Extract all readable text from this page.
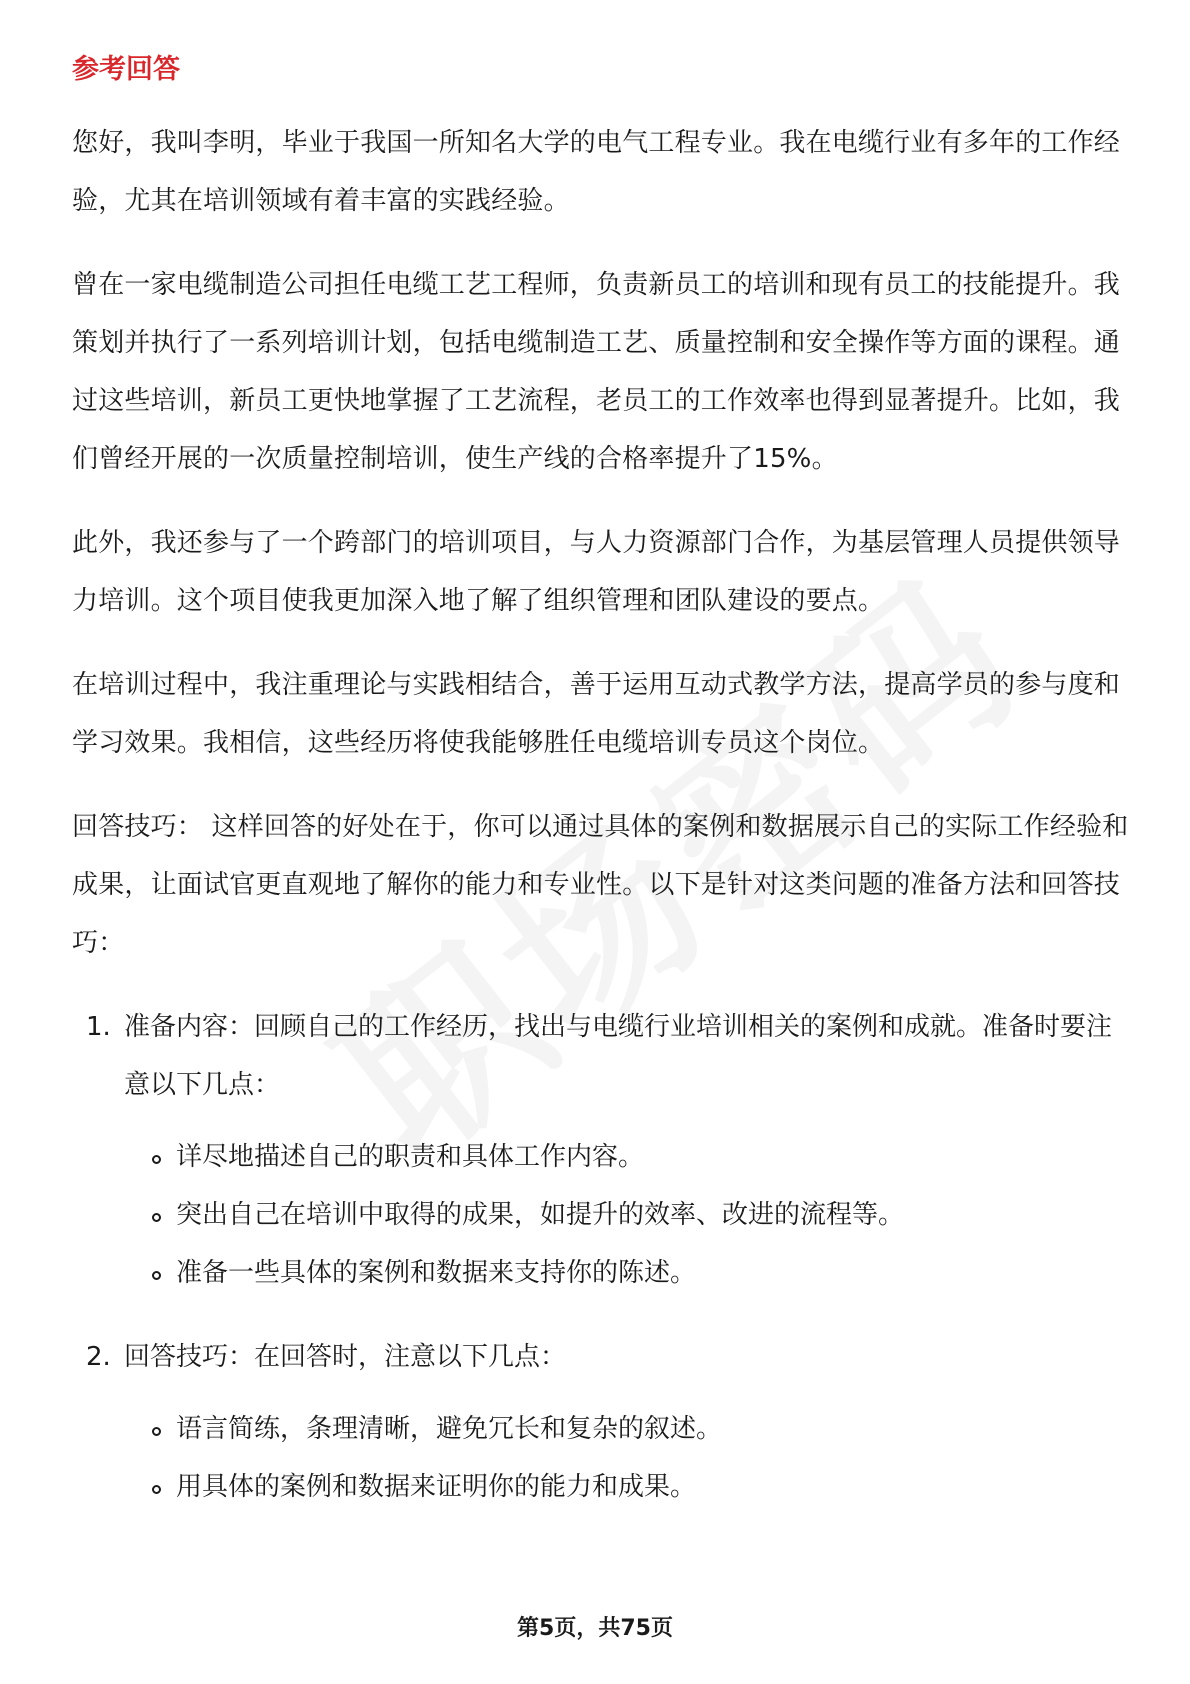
参考回答

您好，我叫李明，毕业于我国一所知名大学的电气工程专业。我在电缆行业有多年的工作经验，尤其在培训领域有着丰富的实践经验。

曾在一家电缆制造公司担任电缆工艺工程师，负责新员工的培训和现有员工的技能提升。我策划并执行了一系列培训计划，包括电缆制造工艺、质量控制和安全操作等方面的课程。通过这些培训，新员工更快地掌握了工艺流程，老员工的工作效率也得到显著提升。比如，我们曾经开展的一次质量控制培训，使生产线的合格率提升了15%。

此外，我还参与了一个跨部门的培训项目，与人力资源部门合作，为基层管理人员提供领导力培训。这个项目使我更加深入地了解了组织管理和团队建设的要点。

在培训过程中，我注重理论与实践相结合，善于运用互动式教学方法，提高学员的参与度和学习效果。我相信，这些经历将使我能够胜任电缆培训专员这个岗位。

回答技巧： 这样回答的好处在于，你可以通过具体的案例和数据展示自己的实际工作经验和成果，让面试官更直观地了解你的能力和专业性。以下是针对这类问题的准备方法和回答技巧：

1. 准备内容：回顾自己的工作经历，找出与电缆行业培训相关的案例和成就。准备时要注意以下几点：
详尽地描述自己的职责和具体工作内容。
突出自己在培训中取得的成果，如提升的效率、改进的流程等。
准备一些具体的案例和数据来支持你的陈述。
2. 回答技巧：在回答时，注意以下几点：
语言简练，条理清晰，避免冗长和复杂的叙述。
用具体的案例和数据来证明你的能力和成果。
第5页，共75页
